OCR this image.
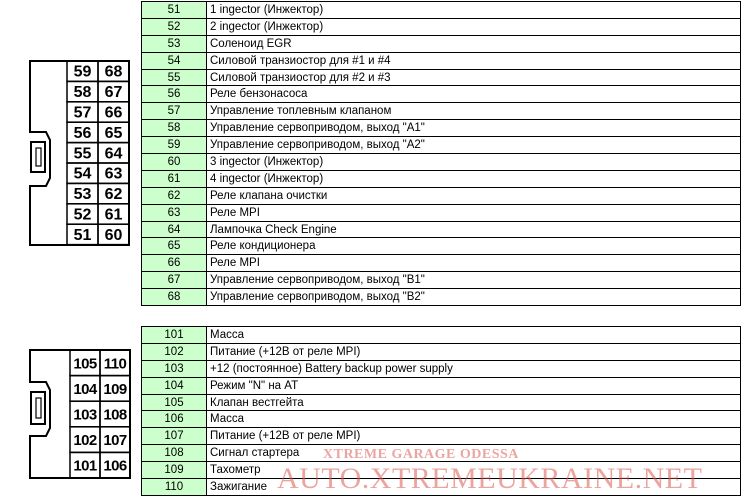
59 68
58 67
57 66
56 65
55 64
54 63
53 62
52 61
51 60
51	1 ingector (Инжектор)
52	2 ingector (Инжектор)
53	Соленоид EGR
54	Силовой транзиостор для #1 и #4
55	Силовой транзиостор для #2 и #3
56	Реле бензонасоса
57	Управление топлевным клапаном
58	Управление сервоприводом, выход "A1"
59	Управление сервоприводом, выход "A2"
60	3 ingector (Инжектор)
61	4 ingector (Инжектор)
62	Реле клапана очистки
63	Реле MPI
64	Лампочка Check Engine
65	Реле кондиционера
66	Реле MPI
67	Управление сервоприводом, выход "B1"
68	Управление сервоприводом, выход "B2"
105 110
104 109
103 108
102 107
101 106
101	Масса
102	Питание (+12B от реле MPI)
103	+12 (постоянное) Battery backup power supply
104	Режим "N" на AT
105	Клапан вестгейта
106	Масса
107	Питание (+12B от реле MPI)
108	Сигнал стартера
109	Тахометр
110	Зажигание
XTREME GARAGE ODESSA
AUTO.XTREMEUKRAINE.NET
